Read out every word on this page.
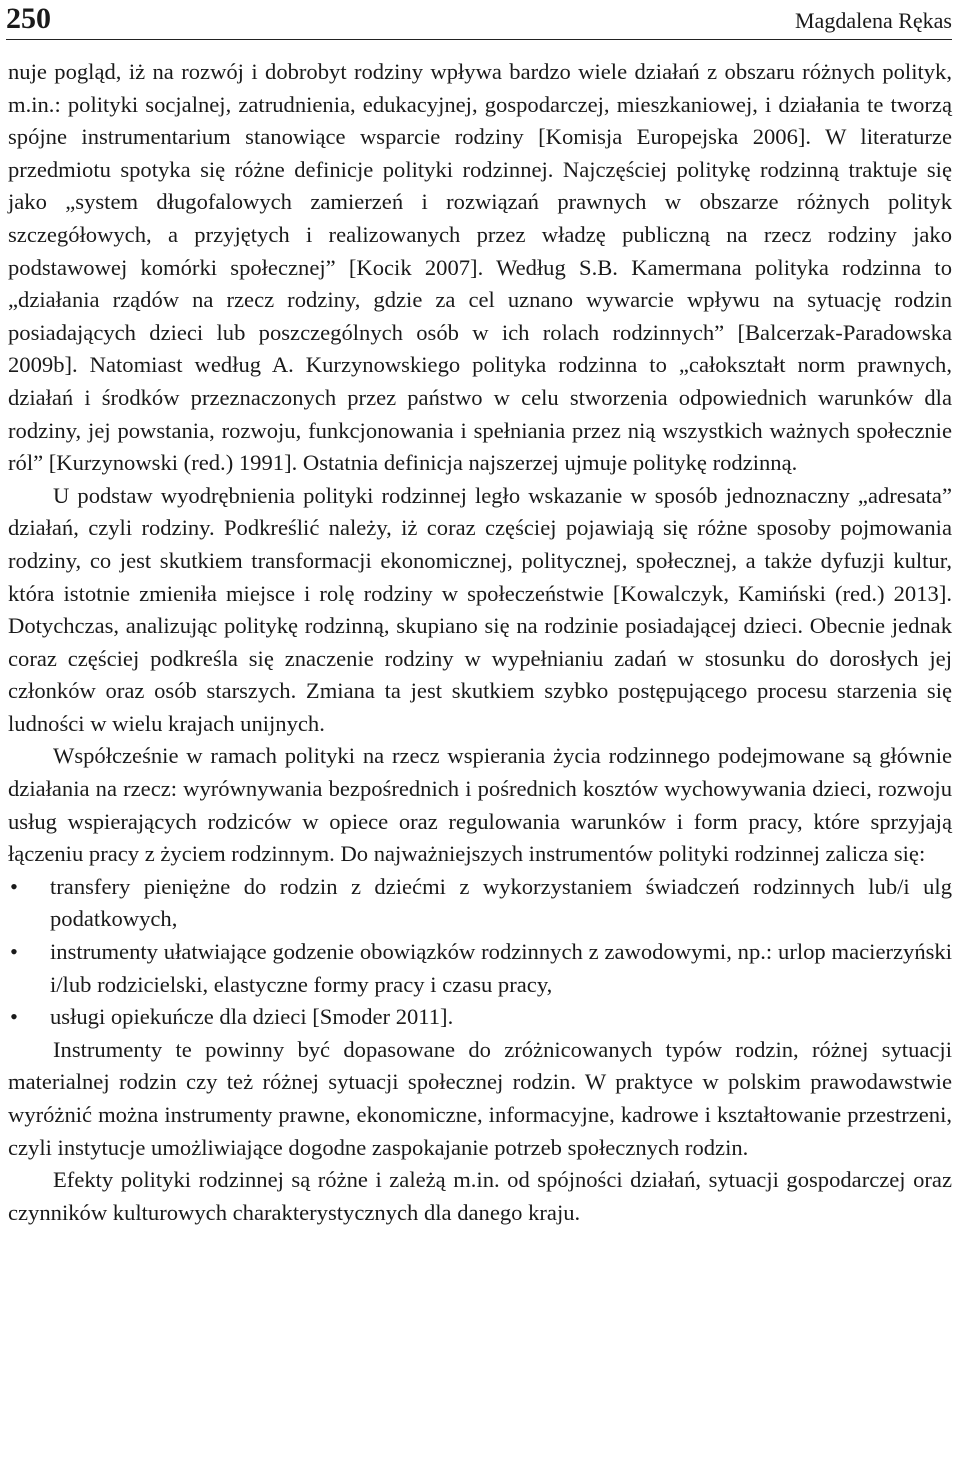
250	Magdalena Rękas

nuje pogląd, iż na rozwój i dobrobyt rodziny wpływa bardzo wiele działań z obszaru różnych polityk, m.in.: polityki socjalnej, zatrudnienia, edukacyjnej, gospodarczej, mieszkaniowej, i działania te tworzą spójne instrumentarium stanowiące wsparcie rodziny [Komisja Europejska 2006]. W literaturze przedmiotu spotyka się różne definicje polityki rodzinnej. Najczęściej politykę rodzinną traktuje się jako „system długofalowych zamierzeń i rozwiązań prawnych w obszarze różnych polityk szczegółowych, a przyjętych i realizowanych przez władzę publiczną na rzecz rodziny jako podstawowej komórki społecznej” [Kocik 2007]. Według S.B. Kamermana polityka rodzinna to „działania rządów na rzecz rodziny, gdzie za cel uznano wywarcie wpływu na sytuację rodzin posiadających dzieci lub poszczególnych osób w ich rolach rodzinnych” [Balcerzak-Paradowska 2009b]. Natomiast według A. Kurzynowskiego polityka rodzinna to „całokształt norm prawnych, działań i środków przeznaczonych przez państwo w celu stworzenia odpowiednich warunków dla rodziny, jej powstania, rozwoju, funkcjonowania i spełniania przez nią wszystkich ważnych społecznie ról” [Kurzynowski (red.) 1991]. Ostatnia definicja najszerzej ujmuje politykę rodzinną.

U podstaw wyodrębnienia polityki rodzinnej legło wskazanie w sposób jednoznaczny „adresata” działań, czyli rodziny. Podkreślić należy, iż coraz częściej pojawiają się różne sposoby pojmowania rodziny, co jest skutkiem transformacji ekonomicznej, politycznej, społecznej, a także dyfuzji kultur, która istotnie zmieniła miejsce i rolę rodziny w społeczeństwie [Kowalczyk, Kamiński (red.) 2013]. Dotychczas, analizując politykę rodzinną, skupiano się na rodzinie posiadającej dzieci. Obecnie jednak coraz częściej podkreśla się znaczenie rodziny w wypełnianiu zadań w stosunku do dorosłych jej członków oraz osób starszych. Zmiana ta jest skutkiem szybko postępującego procesu starzenia się ludności w wielu krajach unijnych.

Współcześnie w ramach polityki na rzecz wspierania życia rodzinnego podejmowane są głównie działania na rzecz: wyrównywania bezpośrednich i pośrednich kosztów wychowywania dzieci, rozwoju usług wspierających rodziców w opiece oraz regulowania warunków i form pracy, które sprzyjają łączeniu pracy z życiem rodzinnym. Do najważniejszych instrumentów polityki rodzinnej zalicza się:

• transfery pieniężne do rodzin z dziećmi z wykorzystaniem świadczeń rodzinnych lub/i ulg podatkowych,
• instrumenty ułatwiające godzenie obowiązków rodzinnych z zawodowymi, np.: urlop macierzyński i/lub rodzicielski, elastyczne formy pracy i czasu pracy,
• usługi opiekuńcze dla dzieci [Smoder 2011].

Instrumenty te powinny być dopasowane do zróżnicowanych typów rodzin, różnej sytuacji materialnej rodzin czy też różnej sytuacji społecznej rodzin. W praktyce w polskim prawodawstwie wyróżnić można instrumenty prawne, ekonomiczne, informacyjne, kadrowe i kształtowanie przestrzeni, czyli instytucje umożliwiające dogodne zaspokajanie potrzeb społecznych rodzin.

Efekty polityki rodzinnej są różne i zależą m.in. od spójności działań, sytuacji gospodarczej oraz czynników kulturowych charakterystycznych dla danego kraju.
